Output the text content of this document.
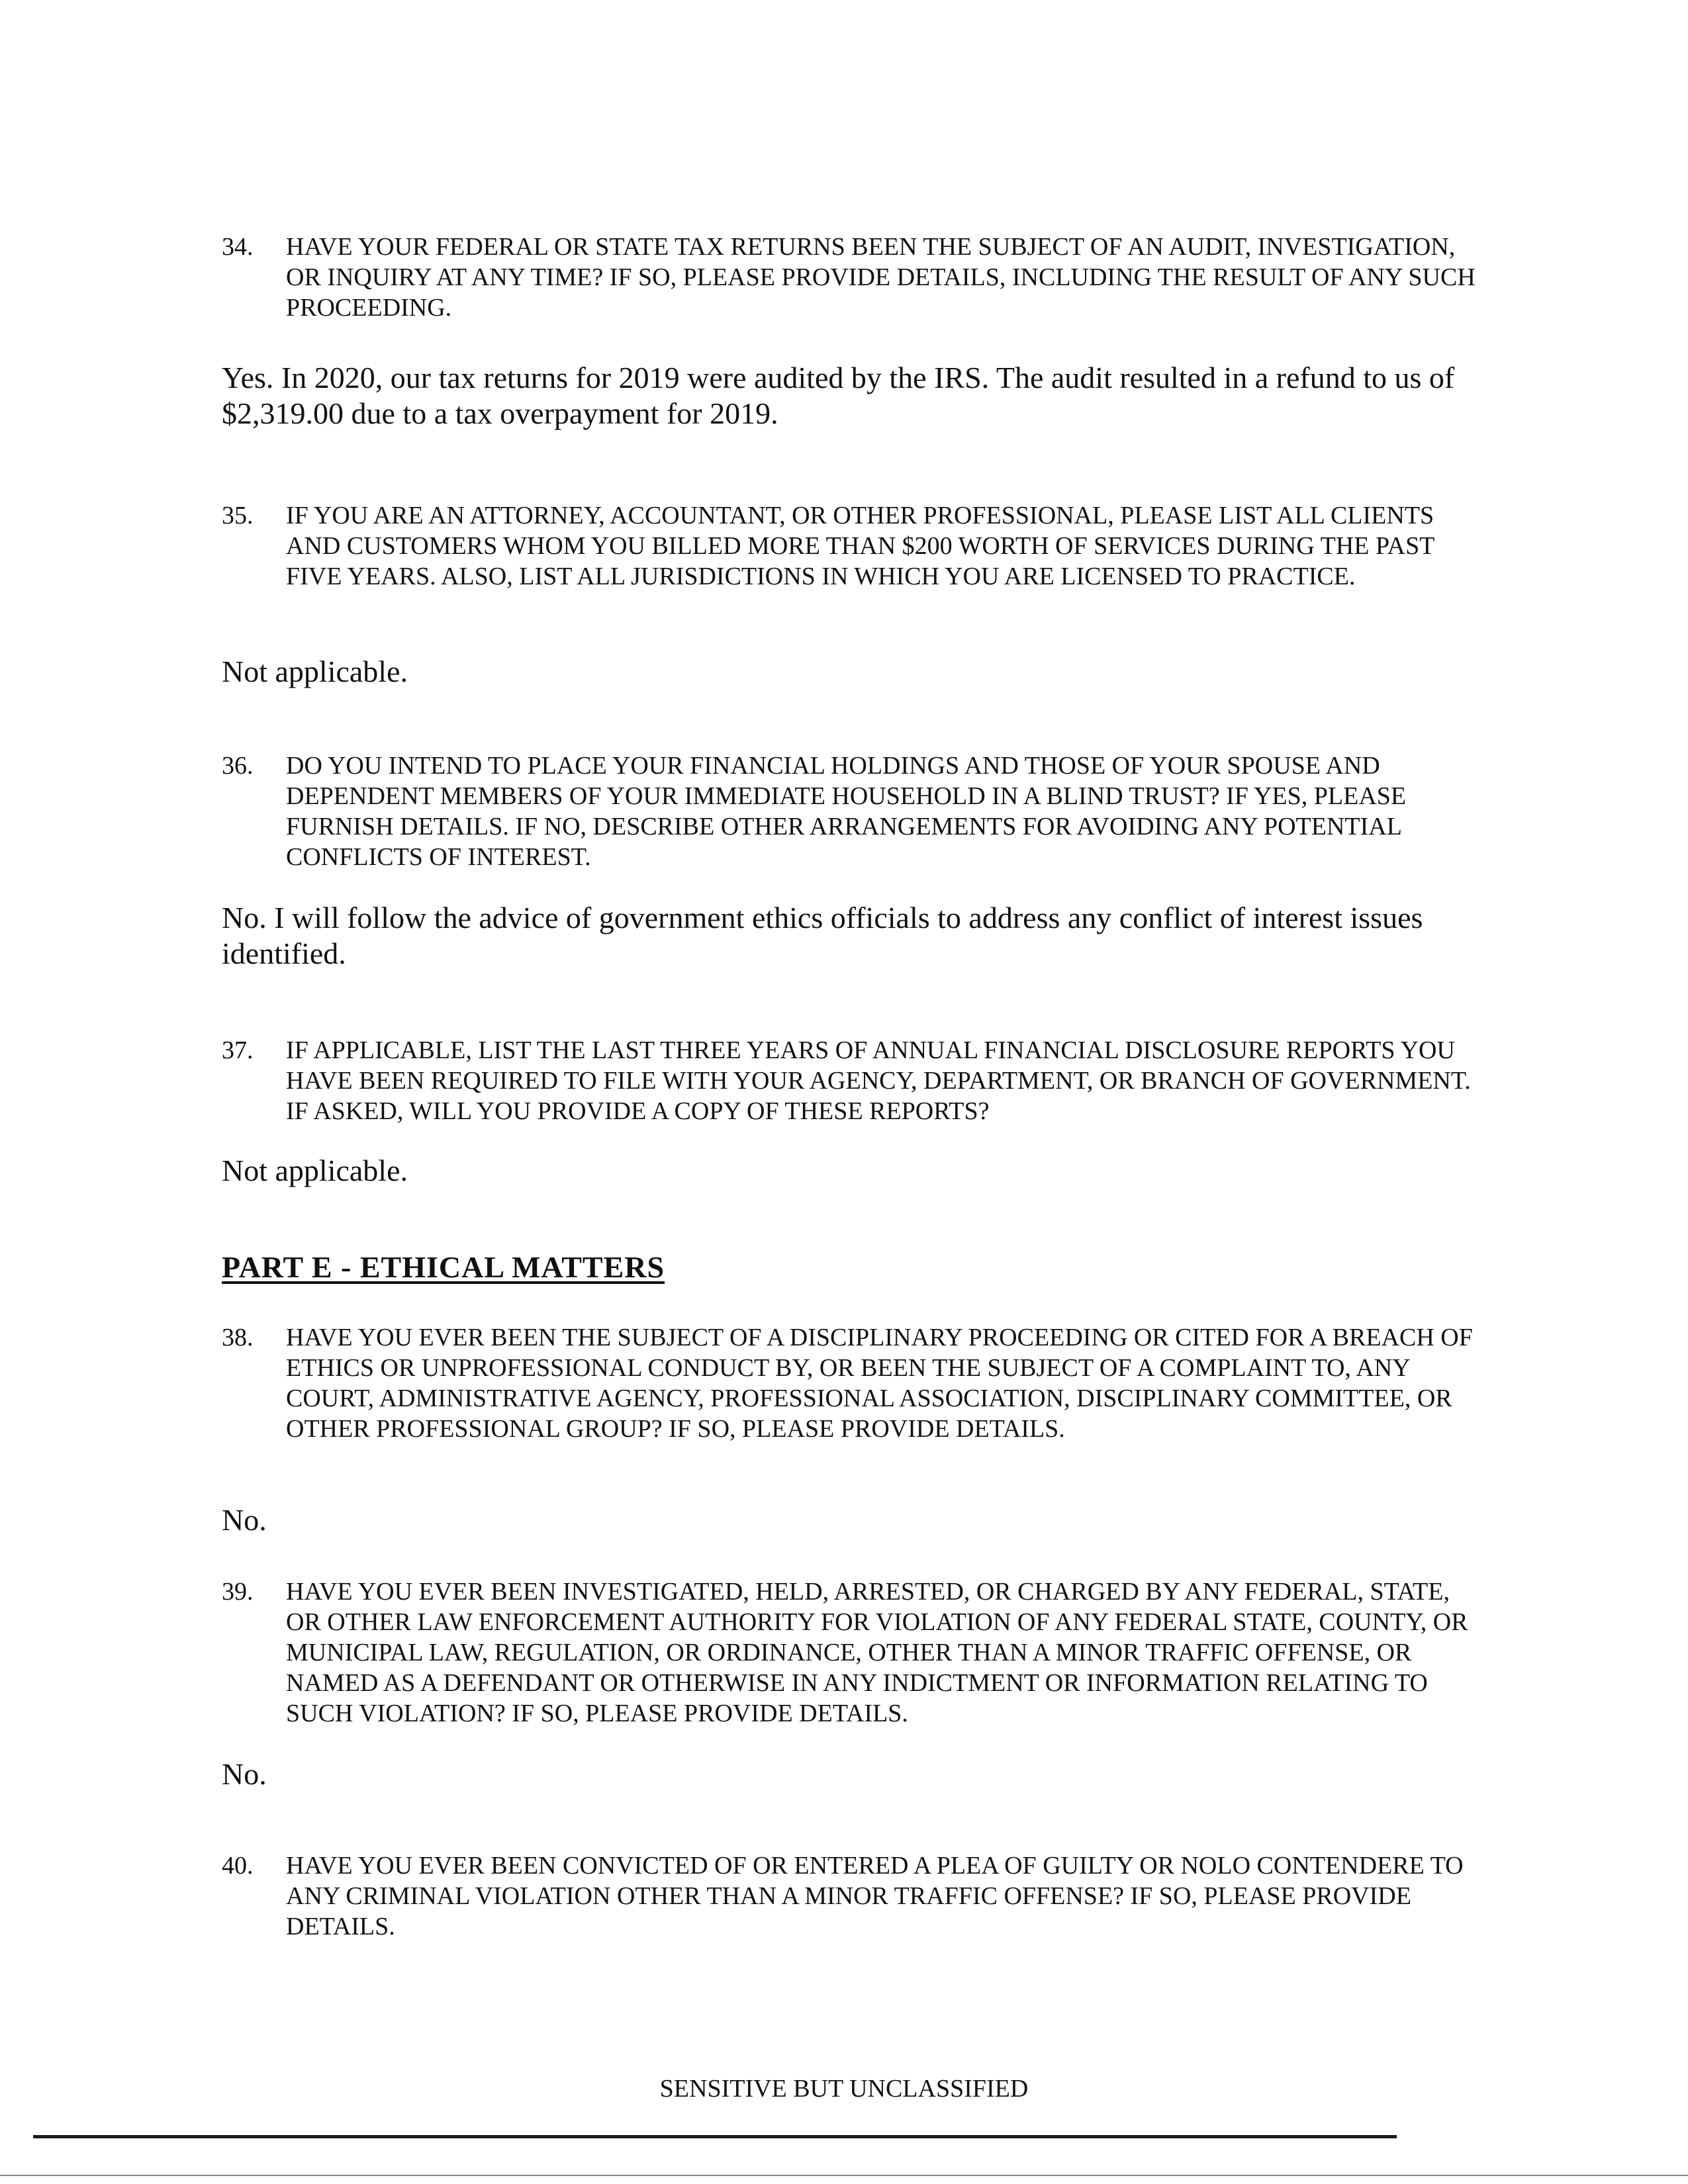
34. HAVE YOUR FEDERAL OR STATE TAX RETURNS BEEN THE SUBJECT OF AN AUDIT, INVESTIGATION, OR INQUIRY AT ANY TIME? IF SO, PLEASE PROVIDE DETAILS, INCLUDING THE RESULT OF ANY SUCH PROCEEDING.
Yes. In 2020, our tax returns for 2019 were audited by the IRS. The audit resulted in a refund to us of $2,319.00 due to a tax overpayment for 2019.
35. IF YOU ARE AN ATTORNEY, ACCOUNTANT, OR OTHER PROFESSIONAL, PLEASE LIST ALL CLIENTS AND CUSTOMERS WHOM YOU BILLED MORE THAN $200 WORTH OF SERVICES DURING THE PAST FIVE YEARS. ALSO, LIST ALL JURISDICTIONS IN WHICH YOU ARE LICENSED TO PRACTICE.
Not applicable.
36. DO YOU INTEND TO PLACE YOUR FINANCIAL HOLDINGS AND THOSE OF YOUR SPOUSE AND DEPENDENT MEMBERS OF YOUR IMMEDIATE HOUSEHOLD IN A BLIND TRUST? IF YES, PLEASE FURNISH DETAILS. IF NO, DESCRIBE OTHER ARRANGEMENTS FOR AVOIDING ANY POTENTIAL CONFLICTS OF INTEREST.
No. I will follow the advice of government ethics officials to address any conflict of interest issues identified.
37. IF APPLICABLE, LIST THE LAST THREE YEARS OF ANNUAL FINANCIAL DISCLOSURE REPORTS YOU HAVE BEEN REQUIRED TO FILE WITH YOUR AGENCY, DEPARTMENT, OR BRANCH OF GOVERNMENT. IF ASKED, WILL YOU PROVIDE A COPY OF THESE REPORTS?
Not applicable.
PART E - ETHICAL MATTERS
38. HAVE YOU EVER BEEN THE SUBJECT OF A DISCIPLINARY PROCEEDING OR CITED FOR A BREACH OF ETHICS OR UNPROFESSIONAL CONDUCT BY, OR BEEN THE SUBJECT OF A COMPLAINT TO, ANY COURT, ADMINISTRATIVE AGENCY, PROFESSIONAL ASSOCIATION, DISCIPLINARY COMMITTEE, OR OTHER PROFESSIONAL GROUP? IF SO, PLEASE PROVIDE DETAILS.
No.
39. HAVE YOU EVER BEEN INVESTIGATED, HELD, ARRESTED, OR CHARGED BY ANY FEDERAL, STATE, OR OTHER LAW ENFORCEMENT AUTHORITY FOR VIOLATION OF ANY FEDERAL STATE, COUNTY, OR MUNICIPAL LAW, REGULATION, OR ORDINANCE, OTHER THAN A MINOR TRAFFIC OFFENSE, OR NAMED AS A DEFENDANT OR OTHERWISE IN ANY INDICTMENT OR INFORMATION RELATING TO SUCH VIOLATION? IF SO, PLEASE PROVIDE DETAILS.
No.
40. HAVE YOU EVER BEEN CONVICTED OF OR ENTERED A PLEA OF GUILTY OR NOLO CONTENDERE TO ANY CRIMINAL VIOLATION OTHER THAN A MINOR TRAFFIC OFFENSE? IF SO, PLEASE PROVIDE DETAILS.
SENSITIVE BUT UNCLASSIFIED
